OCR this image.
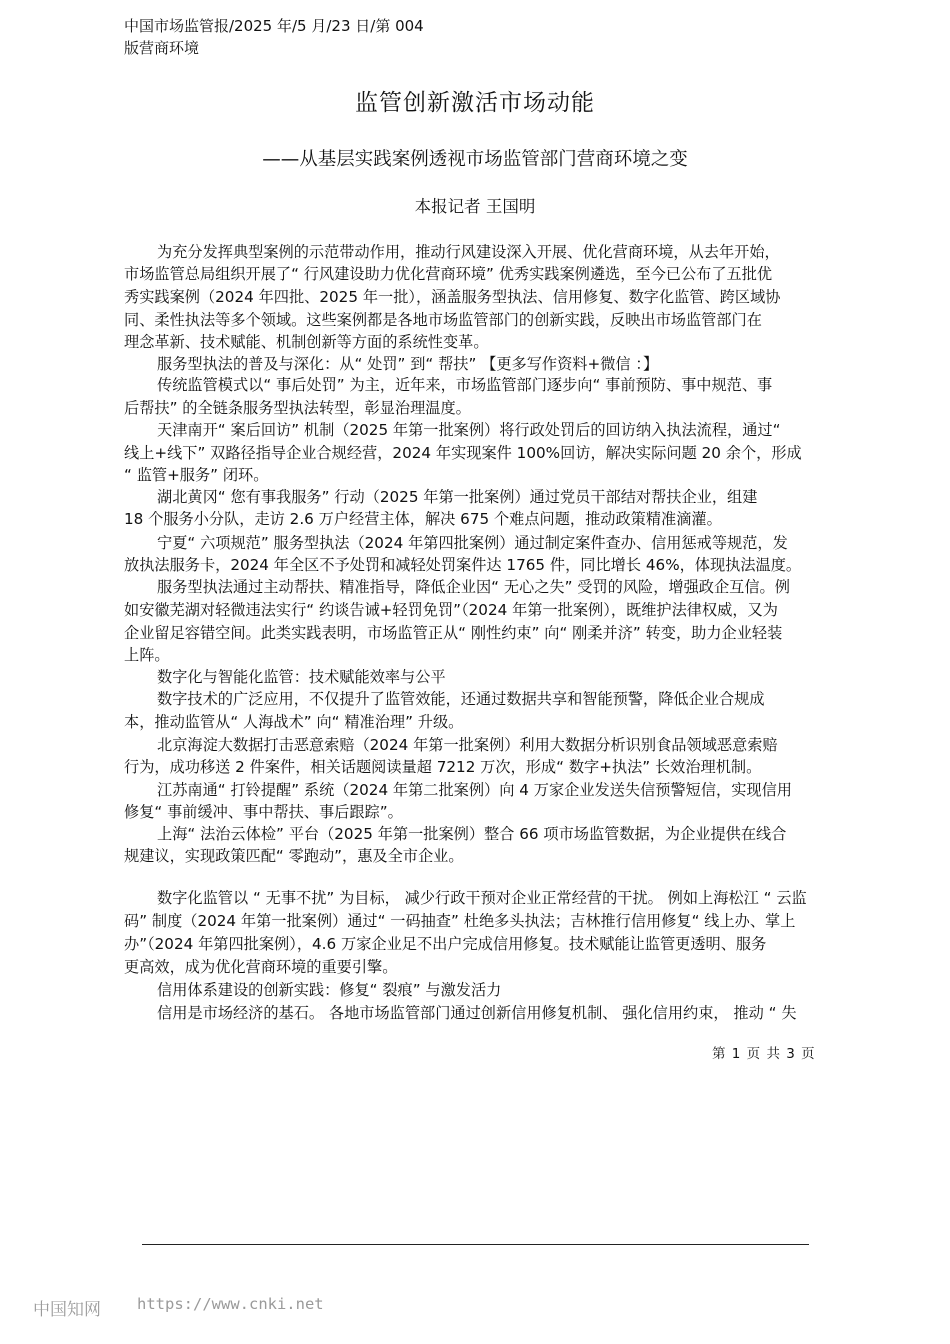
中国市场监管报/2025 年/5 月/23 日/第 004
版营商环境
监管创新激活市场动能
——从基层实践案例透视市场监管部门营商环境之变
本报记者 王国明
为充分发挥典型案例的示范带动作用，推动行风建设深入开展、优化营商环境，从去年开始，
市场监管总局组织开展了“ 行风建设助力优化营商环境” 优秀实践案例遴选，至今已公布了五批优
秀实践案例（2024 年四批、2025 年一批），涵盖服务型执法、信用修复、数字化监管、跨区域协
同、柔性执法等多个领域。这些案例都是各地市场监管部门的创新实践，反映出市场监管部门在
理念革新、技术赋能、机制创新等方面的系统性变革。
服务型执法的普及与深化：从“ 处罚” 到“ 帮扶” 【更多写作资料+微信 ：】
传统监管模式以“ 事后处罚” 为主，近年来，市场监管部门逐步向“ 事前预防、事中规范、事
后帮扶” 的全链条服务型执法转型，彰显治理温度。
天津南开“ 案后回访” 机制（2025 年第一批案例）将行政处罚后的回访纳入执法流程，通过“
线上+线下” 双路径指导企业合规经营，2024 年实现案件 100%回访，解决实际问题 20 余个，形成
“ 监管+服务” 闭环。
湖北黄冈“ 您有事我服务” 行动（2025 年第一批案例）通过党员干部结对帮扶企业，组建
18 个服务小分队，走访 2.6 万户经营主体，解决 675 个难点问题，推动政策精准滴灌。
宁夏“ 六项规范” 服务型执法（2024 年第四批案例）通过制定案件查办、信用惩戒等规范，发
放执法服务卡，2024 年全区不予处罚和减轻处罚案件达 1765 件，同比增长 46%，体现执法温度。
服务型执法通过主动帮扶、精准指导，降低企业因“ 无心之失” 受罚的风险，增强政企互信。例
如安徽芜湖对轻微违法实行“ 约谈告诫+轻罚免罚”（2024 年第一批案例），既维护法律权威，又为
企业留足容错空间。此类实践表明，市场监管正从“ 刚性约束” 向“ 刚柔并济” 转变，助力企业轻装
上阵。
数字化与智能化监管：技术赋能效率与公平
数字技术的广泛应用，不仅提升了监管效能，还通过数据共享和智能预警，降低企业合规成
本，推动监管从“ 人海战术” 向“ 精准治理” 升级。
北京海淀大数据打击恶意索赔（2024 年第一批案例）利用大数据分析识别食品领域恶意索赔
行为，成功移送 2 件案件，相关话题阅读量超 7212 万次，形成“ 数字+执法” 长效治理机制。
江苏南通“ 打铃提醒” 系统（2024 年第二批案例）向 4 万家企业发送失信预警短信，实现信用
修复“ 事前缓冲、事中帮扶、事后跟踪”。
上海“ 法治云体检” 平台（2025 年第一批案例）整合 66 项市场监管数据，为企业提供在线合
规建议，实现政策匹配“ 零跑动”，惠及全市企业。
数字化监管以 “ 无事不扰” 为目标， 减少行政干预对企业正常经营的干扰。 例如上海松江 “ 云监
码” 制度（2024 年第一批案例）通过“ 一码抽查” 杜绝多头执法；吉林推行信用修复“ 线上办、掌上
办”（2024 年第四批案例），4.6 万家企业足不出户完成信用修复。技术赋能让监管更透明、服务
更高效，成为优化营商环境的重要引擎。
信用体系建设的创新实践：修复“ 裂痕” 与激发活力
信用是市场经济的基石。 各地市场监管部门通过创新信用修复机制、 强化信用约束， 推动 “ 失
第 1 页 共 3 页
中国知网 https://www.cnki.net
